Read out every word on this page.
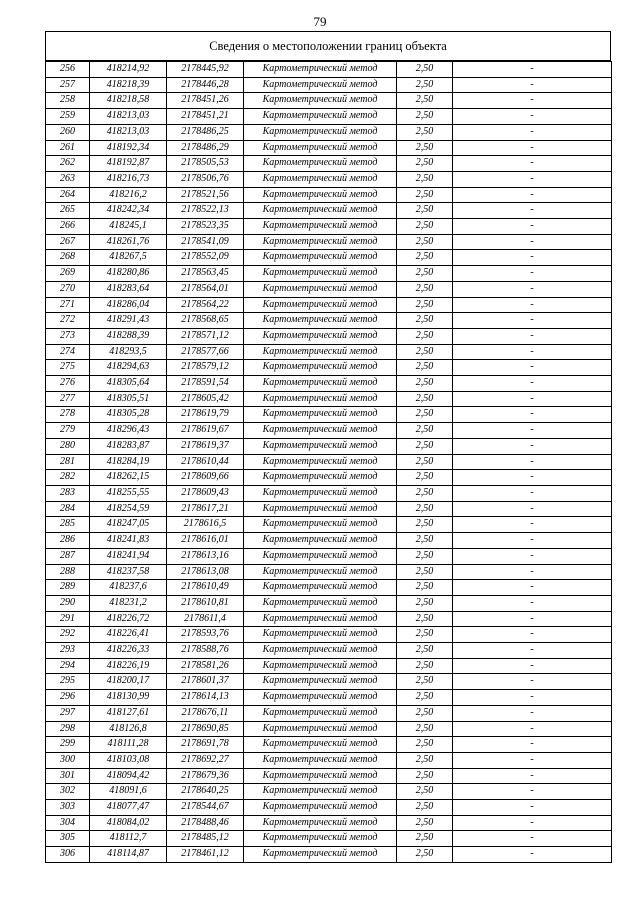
79
Сведения о местоположении границ объекта
256	418214,92	2178445,92	Картометрический метод	2,50	-
257	418218,39	2178446,28	Картометрический метод	2,50	-
258	418218,58	2178451,26	Картометрический метод	2,50	-
259	418213,03	2178451,21	Картометрический метод	2,50	-
260	418213,03	2178486,25	Картометрический метод	2,50	-
261	418192,34	2178486,29	Картометрический метод	2,50	-
262	418192,87	2178505,53	Картометрический метод	2,50	-
263	418216,73	2178506,76	Картометрический метод	2,50	-
264	418216,2	2178521,56	Картометрический метод	2,50	-
265	418242,34	2178522,13	Картометрический метод	2,50	-
266	418245,1	2178523,35	Картометрический метод	2,50	-
267	418261,76	2178541,09	Картометрический метод	2,50	-
268	418267,5	2178552,09	Картометрический метод	2,50	-
269	418280,86	2178563,45	Картометрический метод	2,50	-
270	418283,64	2178564,01	Картометрический метод	2,50	-
271	418286,04	2178564,22	Картометрический метод	2,50	-
272	418291,43	2178568,65	Картометрический метод	2,50	-
273	418288,39	2178571,12	Картометрический метод	2,50	-
274	418293,5	2178577,66	Картометрический метод	2,50	-
275	418294,63	2178579,12	Картометрический метод	2,50	-
276	418305,64	2178591,54	Картометрический метод	2,50	-
277	418305,51	2178605,42	Картометрический метод	2,50	-
278	418305,28	2178619,79	Картометрический метод	2,50	-
279	418296,43	2178619,67	Картометрический метод	2,50	-
280	418283,87	2178619,37	Картометрический метод	2,50	-
281	418284,19	2178610,44	Картометрический метод	2,50	-
282	418262,15	2178609,66	Картометрический метод	2,50	-
283	418255,55	2178609,43	Картометрический метод	2,50	-
284	418254,59	2178617,21	Картометрический метод	2,50	-
285	418247,05	2178616,5	Картометрический метод	2,50	-
286	418241,83	2178616,01	Картометрический метод	2,50	-
287	418241,94	2178613,16	Картометрический метод	2,50	-
288	418237,58	2178613,08	Картометрический метод	2,50	-
289	418237,6	2178610,49	Картометрический метод	2,50	-
290	418231,2	2178610,81	Картометрический метод	2,50	-
291	418226,72	2178611,4	Картометрический метод	2,50	-
292	418226,41	2178593,76	Картометрический метод	2,50	-
293	418226,33	2178588,76	Картометрический метод	2,50	-
294	418226,19	2178581,26	Картометрический метод	2,50	-
295	418200,17	2178601,37	Картометрический метод	2,50	-
296	418130,99	2178614,13	Картометрический метод	2,50	-
297	418127,61	2178676,11	Картометрический метод	2,50	-
298	418126,8	2178690,85	Картометрический метод	2,50	-
299	418111,28	2178691,78	Картометрический метод	2,50	-
300	418103,08	2178692,27	Картометрический метод	2,50	-
301	418094,42	2178679,36	Картометрический метод	2,50	-
302	418091,6	2178640,25	Картометрический метод	2,50	-
303	418077,47	2178544,67	Картометрический метод	2,50	-
304	418084,02	2178488,46	Картометрический метод	2,50	-
305	418112,7	2178485,12	Картометрический метод	2,50	-
306	418114,87	2178461,12	Картометрический метод	2,50	-
